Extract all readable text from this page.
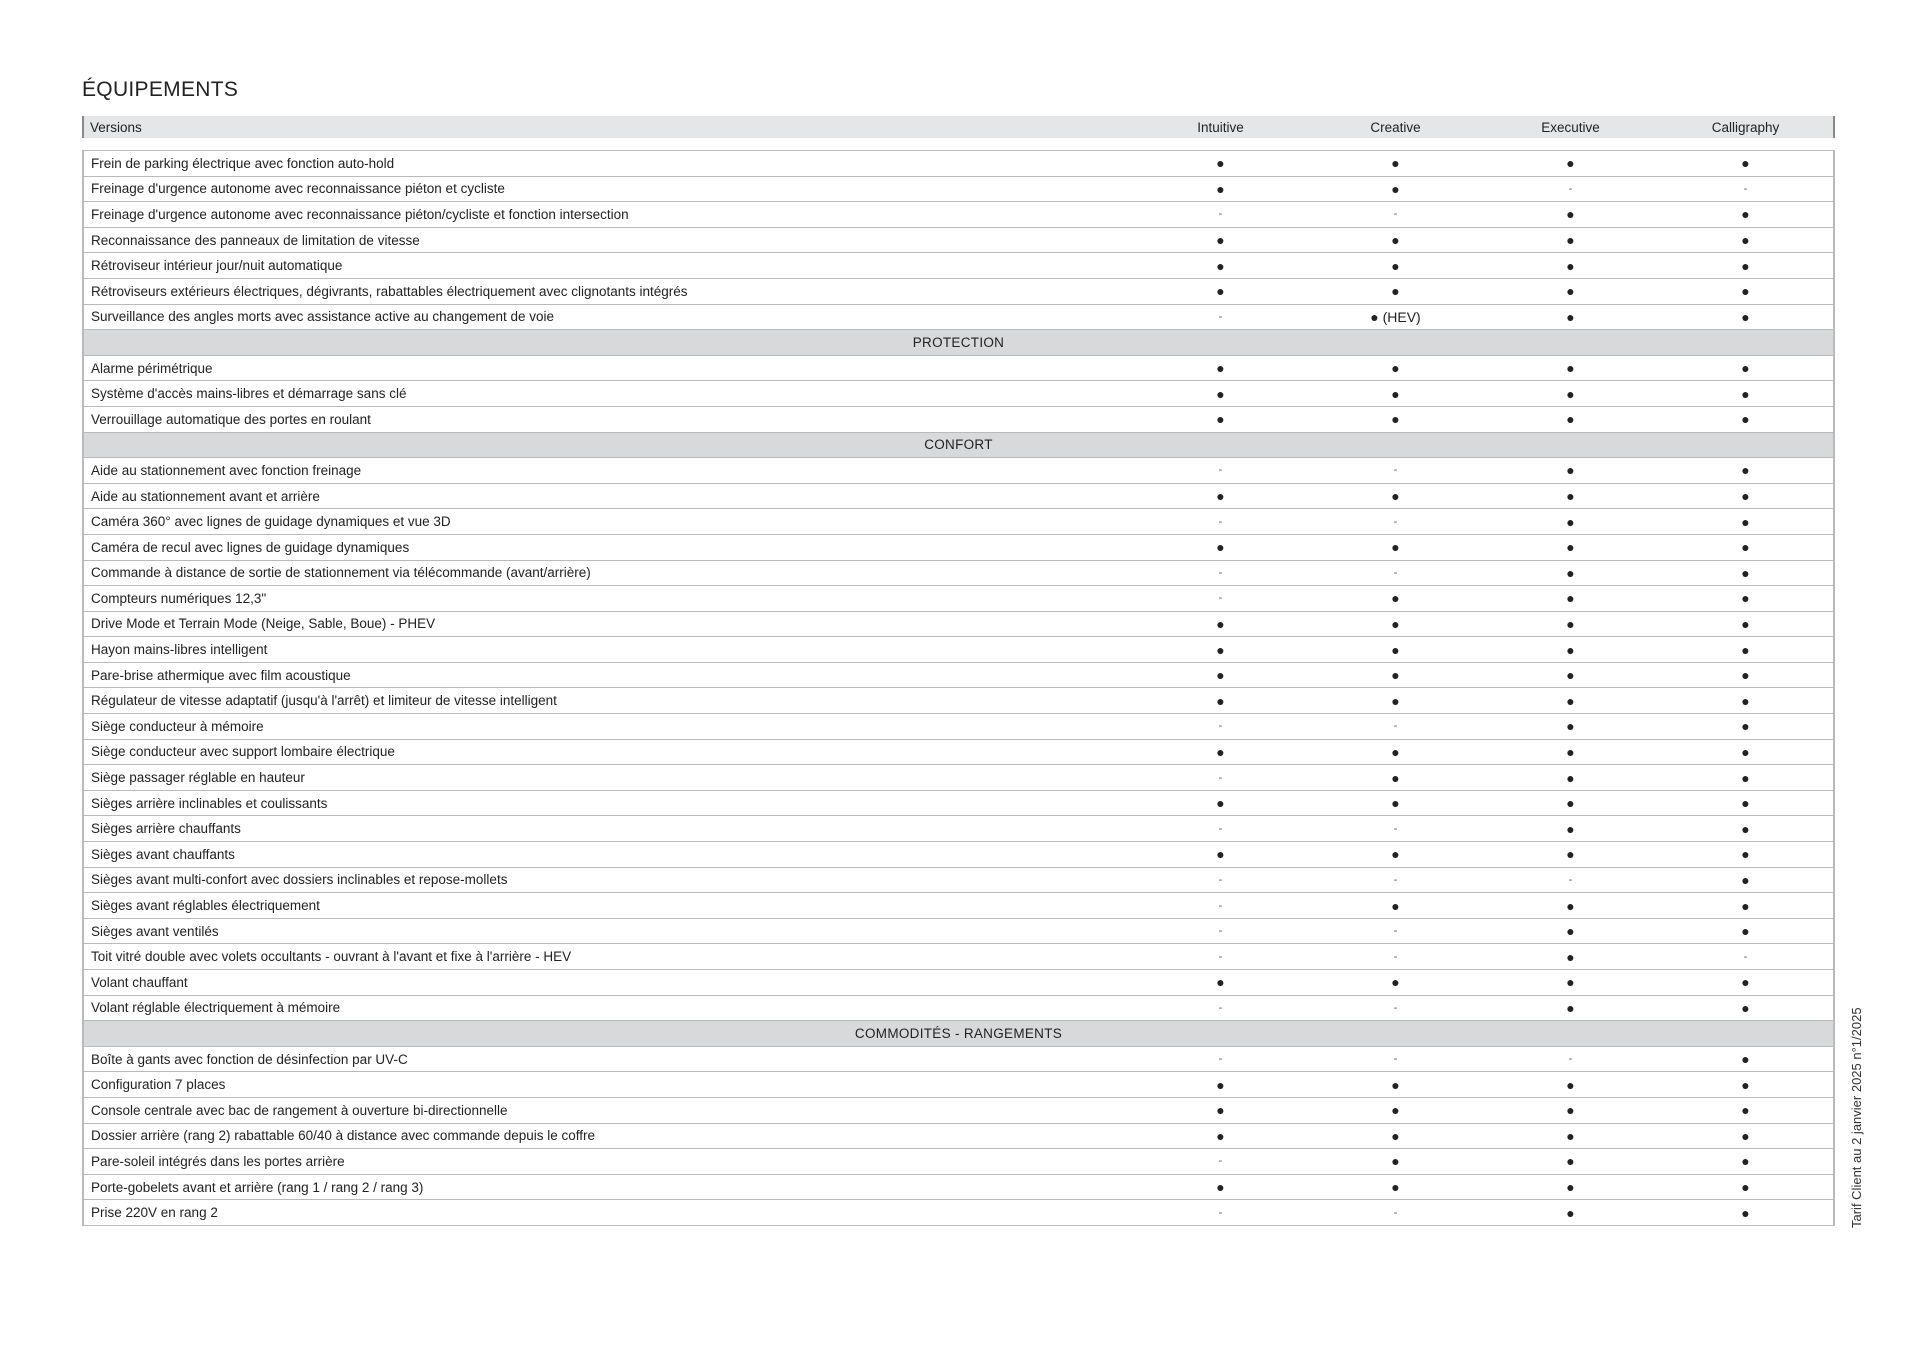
ÉQUIPEMENTS
Versions	Intuitive	Creative	Executive	Calligraphy
Frein de parking électrique avec fonction auto-hold	●	●	●	●
Freinage d'urgence autonome avec reconnaissance piéton et cycliste	●	●	-	-
Freinage d'urgence autonome avec reconnaissance piéton/cycliste et fonction intersection	-	-	●	●
Reconnaissance des panneaux de limitation de vitesse	●	●	●	●
Rétroviseur intérieur jour/nuit automatique	●	●	●	●
Rétroviseurs extérieurs électriques, dégivrants, rabattables électriquement avec clignotants intégrés	●	●	●	●
Surveillance des angles morts avec assistance active au changement de voie	-	● (HEV)	●	●
PROTECTION				
Alarme périmétrique	●	●	●	●
Système d'accès mains-libres et démarrage sans clé	●	●	●	●
Verrouillage automatique des portes en roulant	●	●	●	●
CONFORT				
Aide au stationnement avec fonction freinage	-	-	●	●
Aide au stationnement avant et arrière	●	●	●	●
Caméra 360° avec lignes de guidage dynamiques et vue 3D	-	-	●	●
Caméra de recul avec lignes de guidage dynamiques	●	●	●	●
Commande à distance de sortie de stationnement via télécommande (avant/arrière)	-	-	●	●
Compteurs numériques 12,3"	-	●	●	●
Drive Mode et Terrain Mode (Neige, Sable, Boue) - PHEV	●	●	●	●
Hayon mains-libres intelligent	●	●	●	●
Pare-brise athermique avec film acoustique	●	●	●	●
Régulateur de vitesse adaptatif (jusqu'à l'arrêt) et limiteur de vitesse intelligent	●	●	●	●
Siège conducteur à mémoire	-	-	●	●
Siège conducteur avec support lombaire électrique	●	●	●	●
Siège passager réglable en hauteur	-	●	●	●
Sièges arrière inclinables et coulissants	●	●	●	●
Sièges arrière chauffants	-	-	●	●
Sièges avant chauffants	●	●	●	●
Sièges avant multi-confort avec dossiers inclinables et repose-mollets	-	-	-	●
Sièges avant réglables électriquement	-	●	●	●
Sièges avant ventilés	-	-	●	●
Toit vitré double avec volets occultants - ouvrant à l'avant et fixe à l'arrière - HEV	-	-	●	-
Volant chauffant	●	●	●	●
Volant réglable électriquement à mémoire	-	-	●	●
COMMODITÉS - RANGEMENTS				
Boîte à gants avec fonction de désinfection par UV-C	-	-	-	●
Configuration 7 places	●	●	●	●
Console centrale avec bac de rangement à ouverture bi-directionnelle	●	●	●	●
Dossier arrière (rang 2) rabattable 60/40 à distance avec commande depuis le coffre	●	●	●	●
Pare-soleil intégrés dans les portes arrière	-	●	●	●
Porte-gobelets avant et arrière (rang 1 / rang 2 / rang 3)	●	●	●	●
Prise 220V en rang 2	-	-	●	●	Tarif Client au 2 janvier 2025 n°1/2025
